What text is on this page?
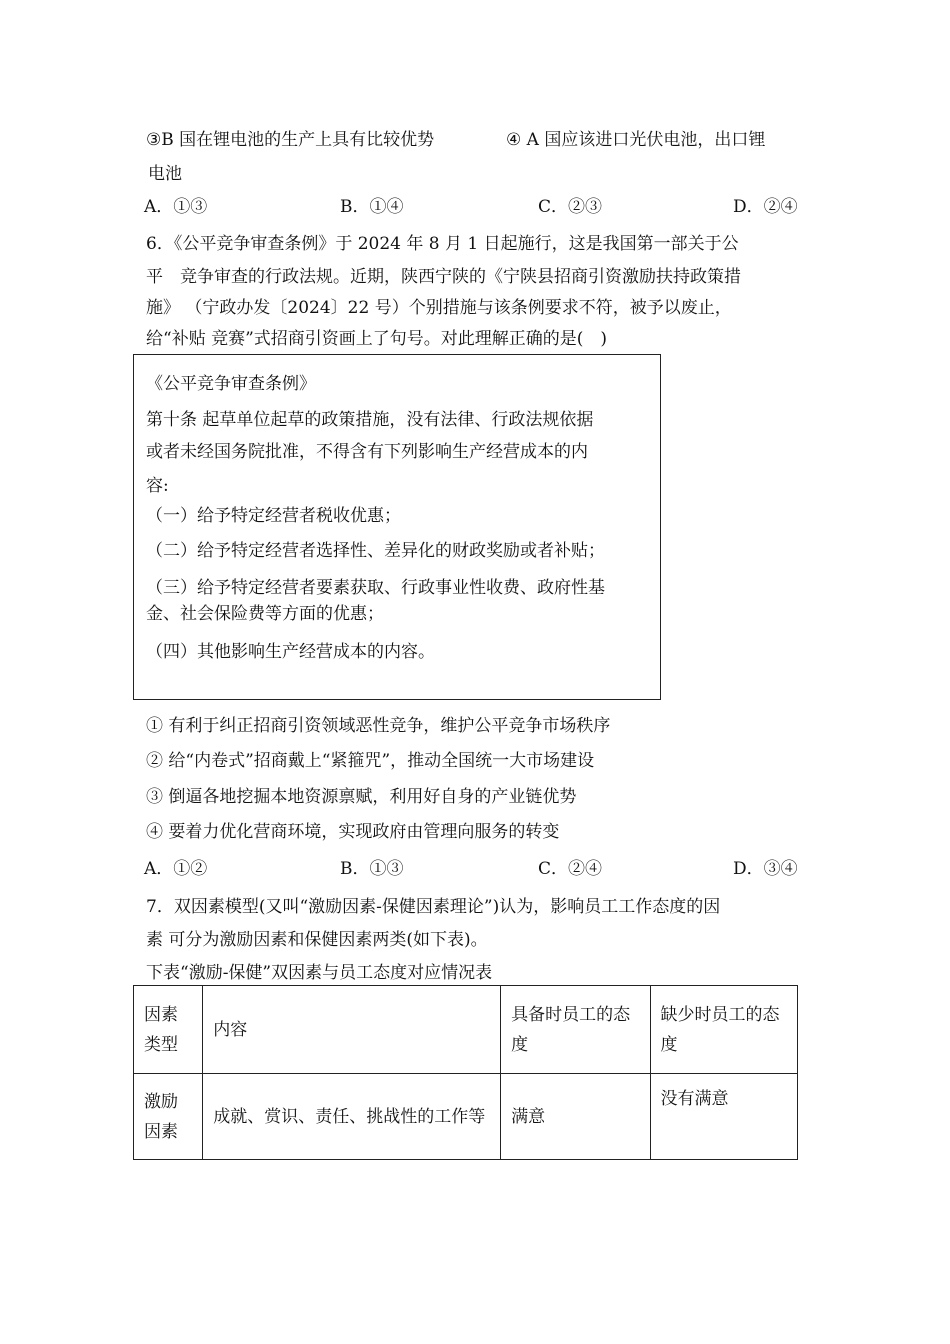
③B 国在锂电池的生产上具有比较优势	④ A 国应该进口光伏电池，出口锂
电池
A．①③	B．①④	C．②③	D．②④
6．《公平竞争审查条例》于 2024 年 8 月 1 日起施行，这是我国第一部关于公
平　竞争审查的行政法规。近期，陕西宁陕的《宁陕县招商引资激励扶持政策措
施》 （宁政办发〔2024〕22 号）个别措施与该条例要求不符，被予以废止，
给“补贴 竞赛”式招商引资画上了句号。对此理解正确的是(　)
《公平竞争审查条例》
第十条 起草单位起草的政策措施，没有法律、行政法规依据
或者未经国务院批准，不得含有下列影响生产经营成本的内
容:
（一）给予特定经营者税收优惠；
（二）给予特定经营者选择性、差异化的财政奖励或者补贴；
（三）给予特定经营者要素获取、行政事业性收费、政府性基
金、社会保险费等方面的优惠；
（四）其他影响生产经营成本的内容。
① 有利于纠正招商引资领域恶性竞争，维护公平竞争市场秩序
② 给“内卷式”招商戴上“紧箍咒”，推动全国统一大市场建设
③ 倒逼各地挖掘本地资源禀赋，利用好自身的产业链优势
④ 要着力优化营商环境，实现政府由管理向服务的转变
A．①②	B．①③	C．②④	D．③④
7．双因素模型(又叫“激励因素-保健因素理论”)认为，影响员工工作态度的因
素 可分为激励因素和保健因素两类(如下表)。
下表“激励-保健”双因素与员工态度对应情况表
因素类型	内容	具备时员工的态度	缺少时员工的态度
激励因素	成就、赏识、责任、挑战性的工作等	满意	没有满意
